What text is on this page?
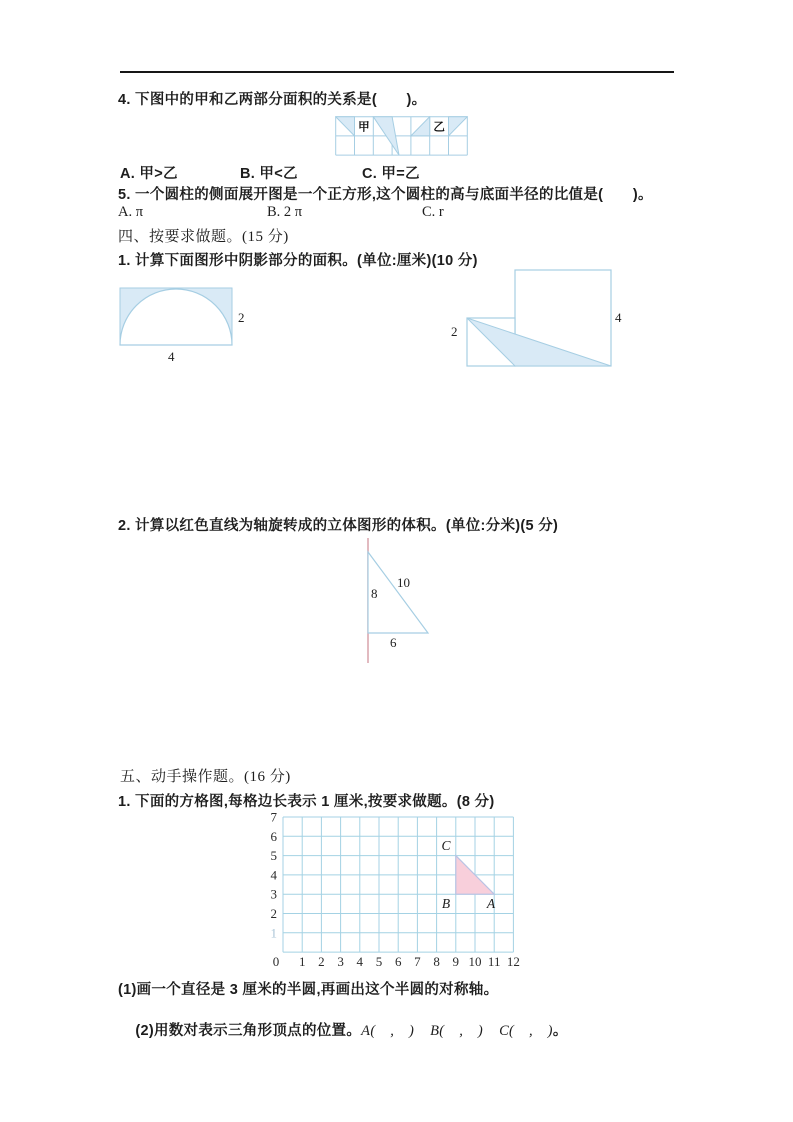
4. 下图中的甲和乙两部分面积的关系是(　　)。
甲	乙
A. 甲>乙	B. 甲<乙	C. 甲=乙
5. 一个圆柱的侧面展开图是一个正方形,这个圆柱的高与底面半径的比值是(　　)。
A. π	B. 2 π	C. r
四、按要求做题。(15 分)
1. 计算下面图形中阴影部分的面积。(单位:厘米)(10 分)
2
4
2
4
2. 计算以红色直线为轴旋转成的立体图形的体积。(单位:分米)(5 分)
8
10
6
五、动手操作题。(16 分)
1. 下面的方格图,每格边长表示 1 厘米,按要求做题。(8 分)
C
B	A
7
6
5
4
3
2
1
0 1 2 3 4 5 6 7 8 9 10 11 12
(1)画一个直径是 3 厘米的半圆,再画出这个半圆的对称轴。

(2)用数对表示三角形顶点的位置。A(　,　) B(　,　) C(　,　)。
